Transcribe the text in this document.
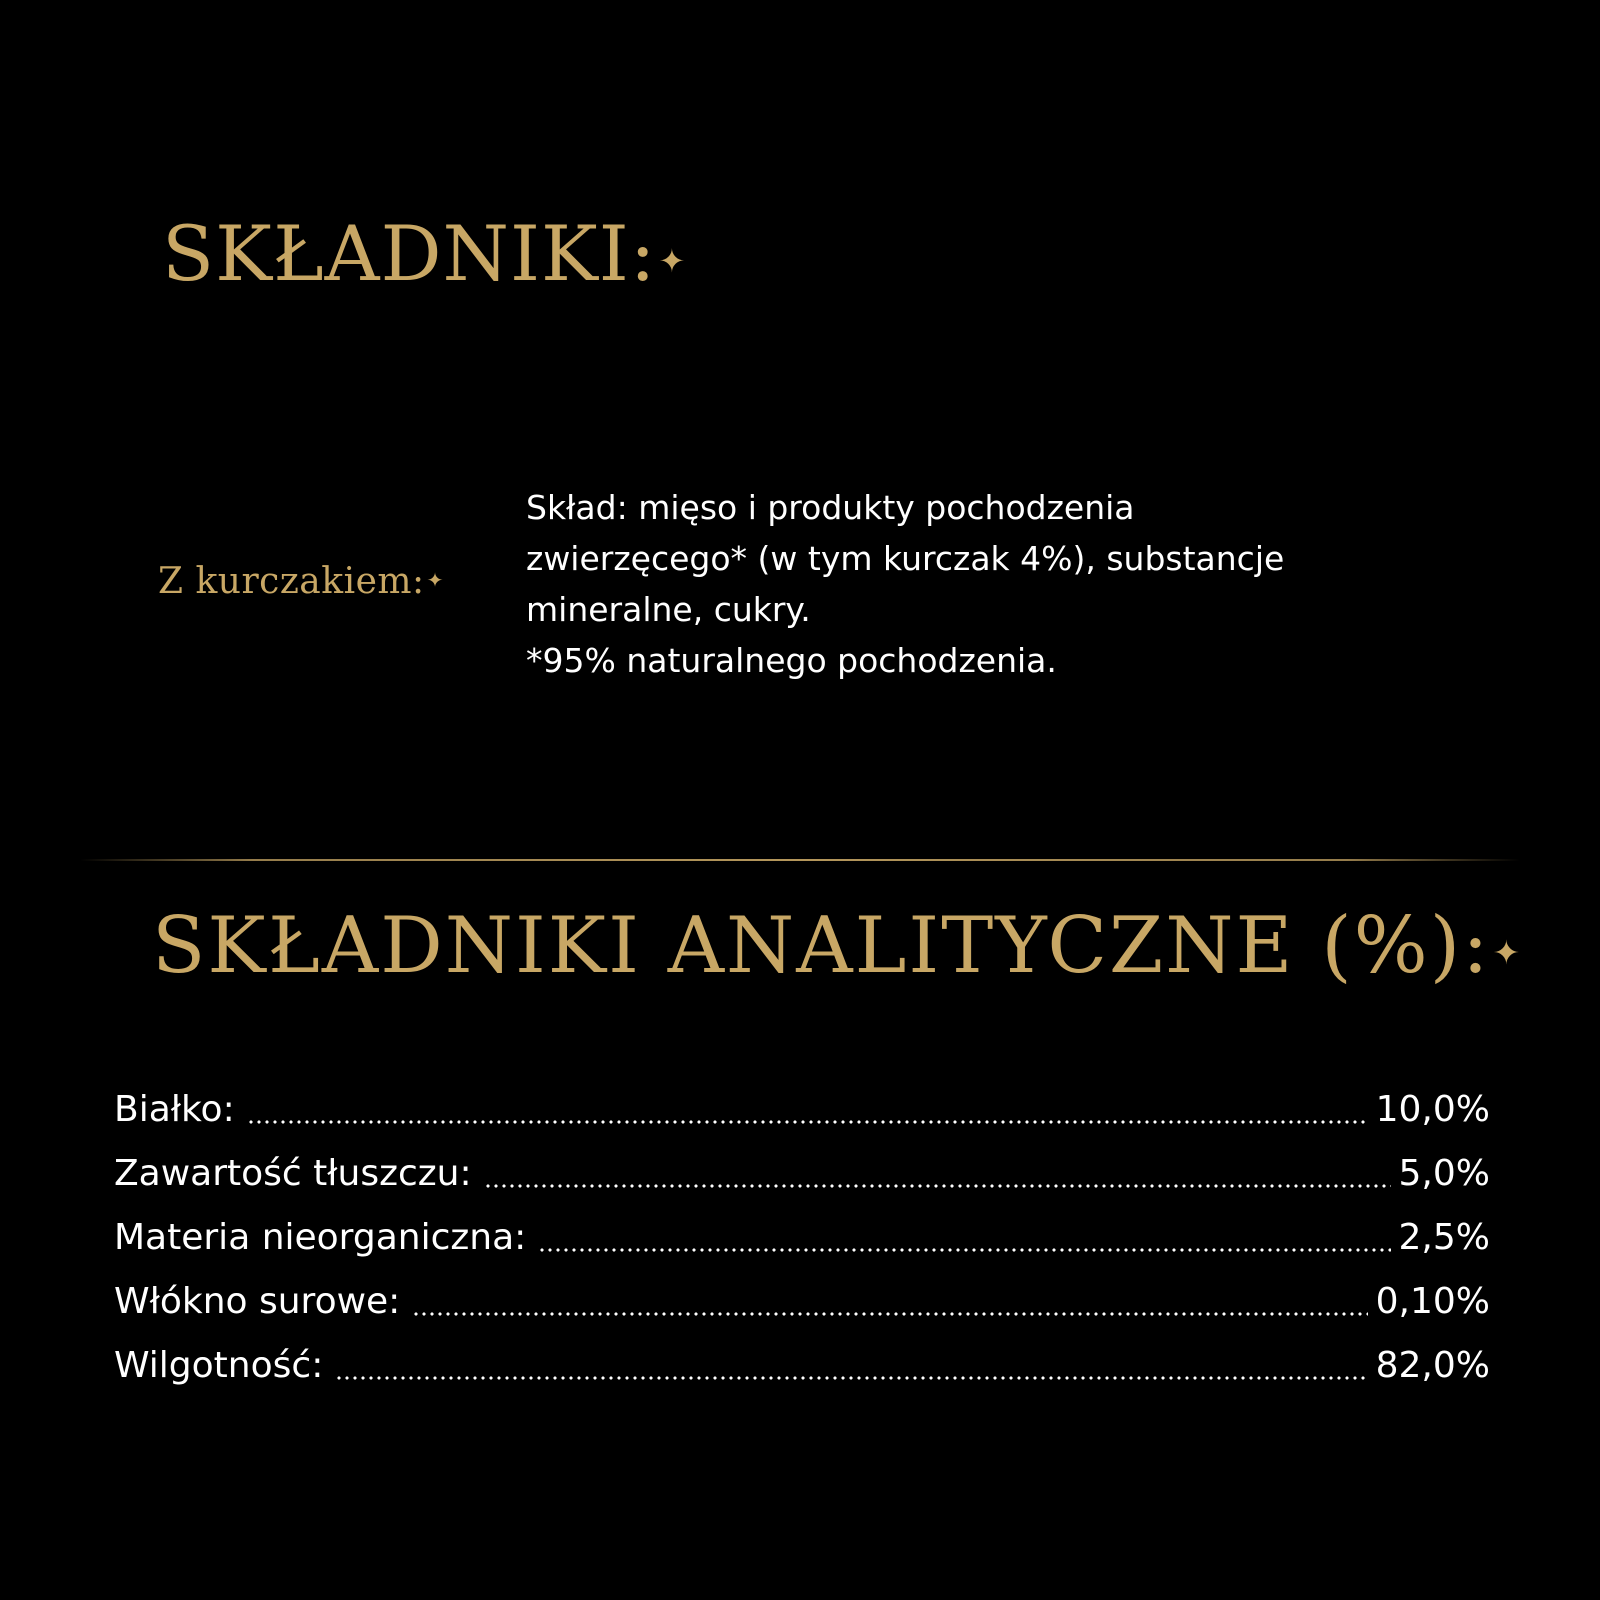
SKŁADNIKI:✦

Z kurczakiem: ✦

Skład: mięso i produkty pochodzenia
zwierzęcego* (w tym kurczak 4%), substancje
mineralne, cukry.
*95% naturalnego pochodzenia.

SKŁADNIKI ANALITYCZNE (%):✦
Białko:	10,0%
Zawartość tłuszczu:	5,0%
Materia nieorganiczna:	2,5%
Włókno surowe:	0,10%
Wilgotność:	82,0%
